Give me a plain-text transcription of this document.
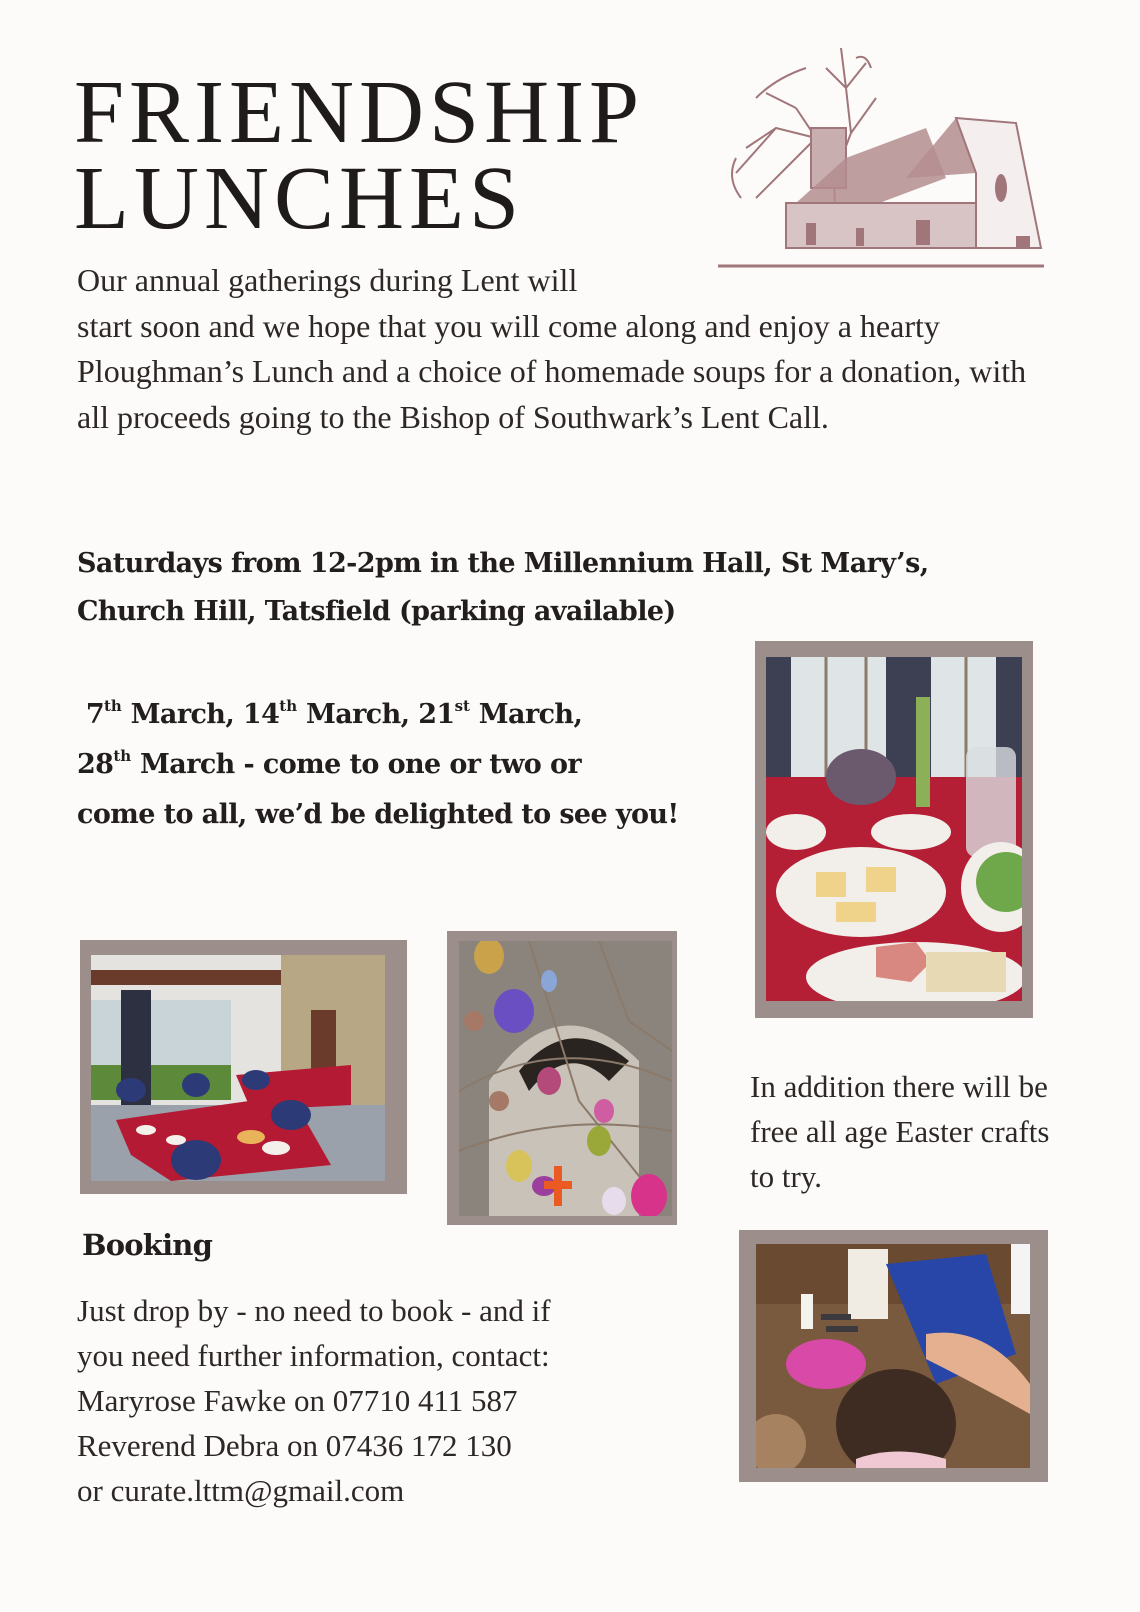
FRIENDSHIP
LUNCHES

Our annual gatherings during Lent will
start soon and we hope that you will come along and enjoy a hearty Ploughman’s Lunch and a choice of homemade soups for a donation, with all proceeds going to the Bishop of Southwark’s Lent Call.

Saturdays from 12-2pm in the Millennium Hall, St Mary’s, Church Hill, Tatsfield (parking available)

7th March, 14th March, 21st March,
28th March - come to one or two or
come to all, we’d be delighted to see you!

In addition there will be free all age Easter crafts to try.

Booking

Just drop by - no need to book - and if
you need further information, contact:
Maryrose Fawke on 07710 411 587
Reverend Debra on 07436 172 130
or curate.lttm@gmail.com
